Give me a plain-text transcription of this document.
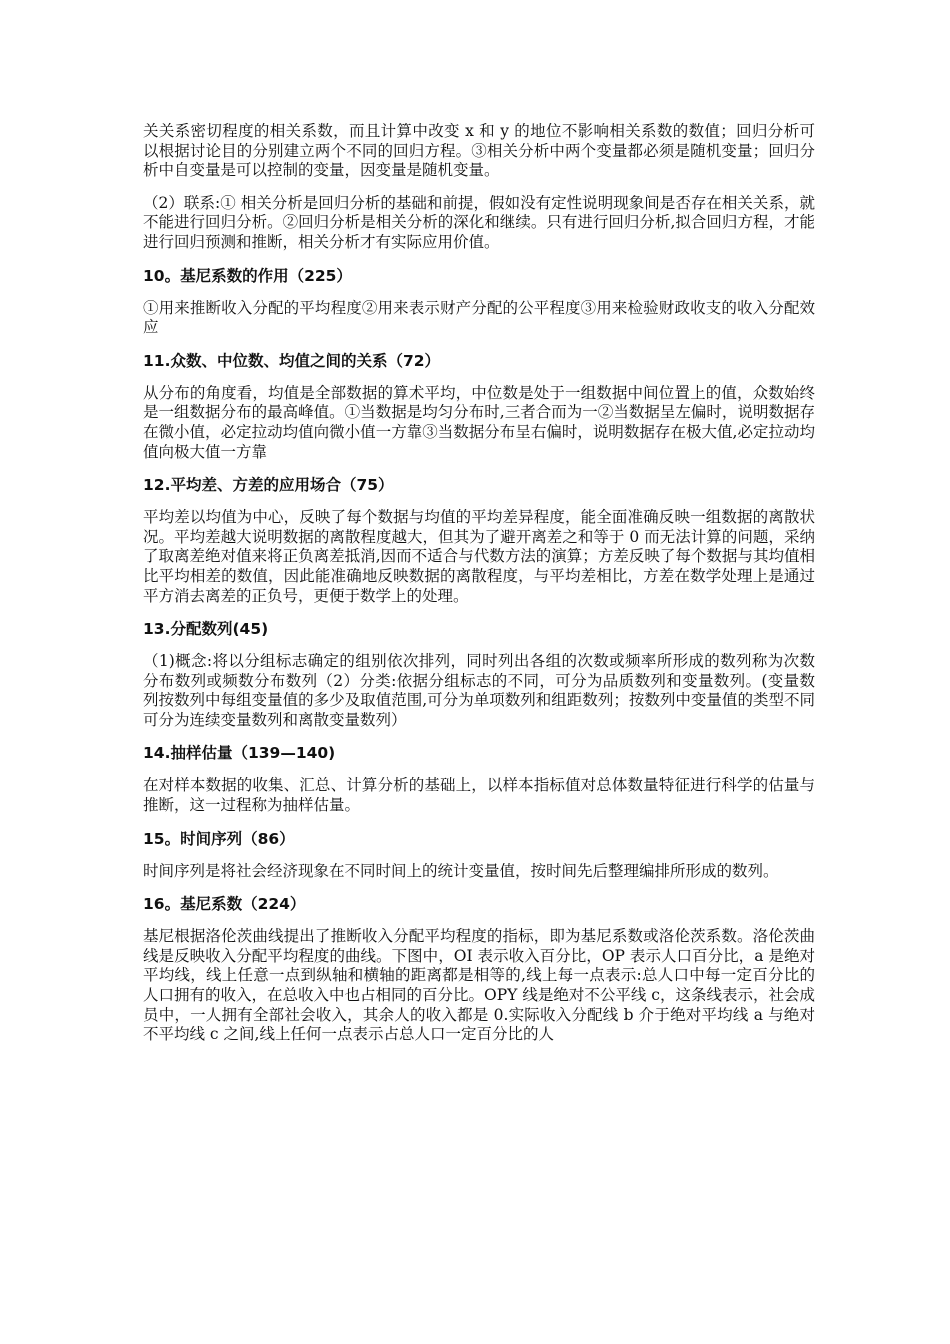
关关系密切程度的相关系数，而且计算中改变 x 和 y 的地位不影响相关系数的数值；回归分析可以根据讨论目的分别建立两个不同的回归方程。③相关分析中两个变量都必须是随机变量；回归分析中自变量是可以控制的变量，因变量是随机变量。

（2）联系:① 相关分析是回归分析的基础和前提，假如没有定性说明现象间是否存在相关关系，就不能进行回归分析。②回归分析是相关分析的深化和继续。只有进行回归分析,拟合回归方程，才能进行回归预测和推断，相关分析才有实际应用价值。

10。基尼系数的作用（225）

①用来推断收入分配的平均程度②用来表示财产分配的公平程度③用来检验财政收支的收入分配效应

11.众数、中位数、均值之间的关系（72）

从分布的角度看，均值是全部数据的算术平均，中位数是处于一组数据中间位置上的值，众数始终是一组数据分布的最高峰值。①当数据是均匀分布时,三者合而为一②当数据呈左偏时，说明数据存在微小值，必定拉动均值向微小值一方靠③当数据分布呈右偏时，说明数据存在极大值,必定拉动均值向极大值一方靠

12.平均差、方差的应用场合（75）

平均差以均值为中心，反映了每个数据与均值的平均差异程度，能全面准确反映一组数据的离散状况。平均差越大说明数据的离散程度越大，但其为了避开离差之和等于 0 而无法计算的问题，采纳了取离差绝对值来将正负离差抵消,因而不适合与代数方法的演算；方差反映了每个数据与其均值相比平均相差的数值，因此能准确地反映数据的离散程度，与平均差相比，方差在数学处理上是通过平方消去离差的正负号，更便于数学上的处理。

13.分配数列(45)

（1)概念:将以分组标志确定的组别依次排列，同时列出各组的次数或频率所形成的数列称为次数分布数列或频数分布数列（2）分类:依据分组标志的不同，可分为品质数列和变量数列。(变量数列按数列中每组变量值的多少及取值范围,可分为单项数列和组距数列；按数列中变量值的类型不同可分为连续变量数列和离散变量数列）

14.抽样估量（139—140)

在对样本数据的收集、汇总、计算分析的基础上，以样本指标值对总体数量特征进行科学的估量与推断，这一过程称为抽样估量。

15。时间序列（86）

时间序列是将社会经济现象在不同时间上的统计变量值，按时间先后整理编排所形成的数列。

16。基尼系数（224）

基尼根据洛伦茨曲线提出了推断收入分配平均程度的指标，即为基尼系数或洛伦茨系数。洛伦茨曲线是反映收入分配平均程度的曲线。下图中，OI 表示收入百分比，OP 表示人口百分比，a 是绝对平均线，线上任意一点到纵轴和横轴的距离都是相等的,线上每一点表示:总人口中每一定百分比的人口拥有的收入，在总收入中也占相同的百分比。OPY 线是绝对不公平线 c，这条线表示，社会成员中，一人拥有全部社会收入，其余人的收入都是 0.实际收入分配线 b 介于绝对平均线 a 与绝对不平均线 c 之间,线上任何一点表示占总人口一定百分比的人
